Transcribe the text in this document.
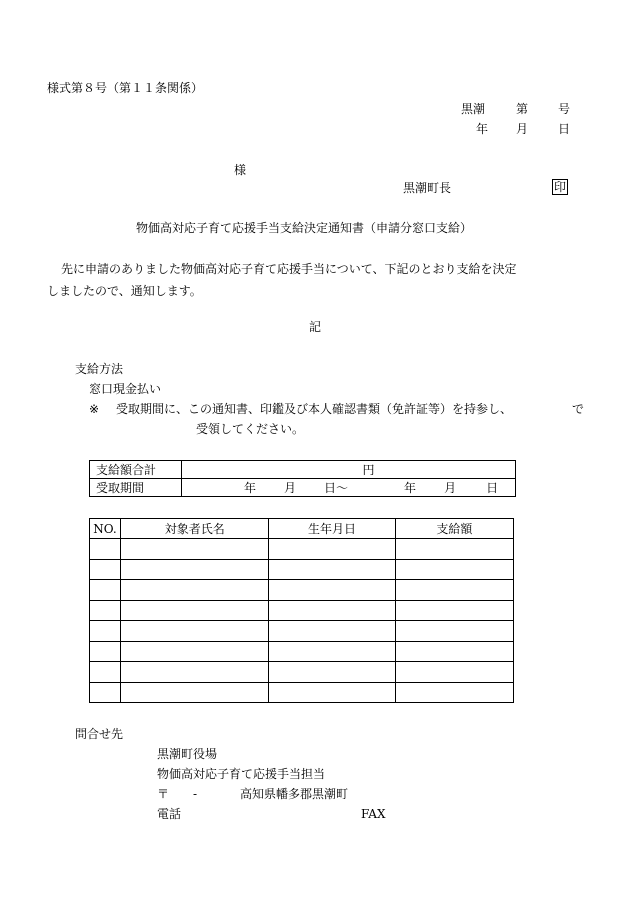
様式第８号（第１１条関係）
黒潮	第 号
年 月 日
様
黒潮町長	印
物価高対応子育て応援手当支給決定通知書（申請分窓口支給）
先に申請のありました物価高対応子育て応援手当について、下記のとおり支給を決定
しましたので、通知します。
記
支給方法
窓口現金払い
※ 受取期間に、この通知書、印鑑及び本人確認書類（免許証等）を持参し、	で
受領してください。
支給額合計	円
受取期間	年 月 日～ 年 月 日
NO.	対象者氏名	生年月日	支給額

問合せ先
黒潮町役場
物価高対応子育て応援手当担当
〒 -	高知県幡多郡黒潮町
電話	FAX
